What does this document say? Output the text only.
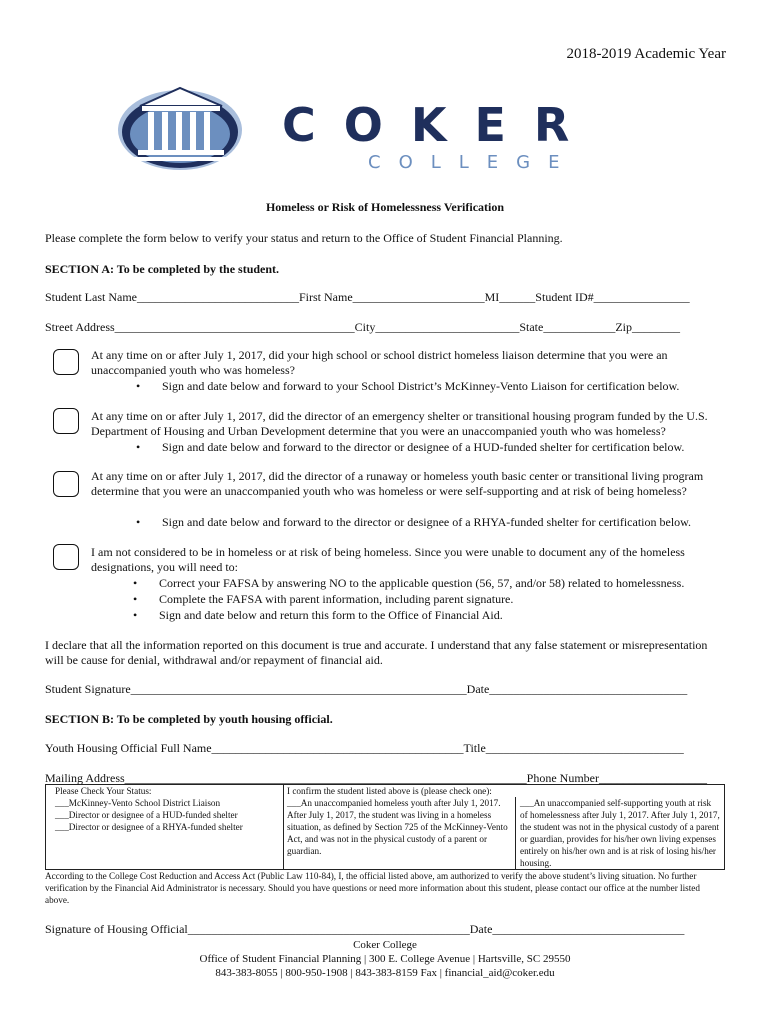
2018-2019 Academic Year
COKER
COLLEGE
Homeless or Risk of Homelessness Verification
Please complete the form below to verify your status and return to the Office of Student Financial Planning.
SECTION A: To be completed by the student.
Student Last Name___________________________First Name______________________MI______Student ID#________________
Street Address________________________________________City________________________State____________Zip________
At any time on or after July 1, 2017, did your high school or school district homeless liaison determine that you were an unaccompanied youth who was homeless?
• Sign and date below and forward to your School District’s McKinney-Vento Liaison for certification below.
At any time on or after July 1, 2017, did the director of an emergency shelter or transitional housing program funded by the U.S. Department of Housing and Urban Development determine that you were an unaccompanied youth who was homeless?
• Sign and date below and forward to the director or designee of a HUD-funded shelter for certification below.
At any time on or after July 1, 2017, did the director of a runaway or homeless youth basic center or transitional living program determine that you were an unaccompanied youth who was homeless or were self-supporting and at risk of being homeless?
• Sign and date below and forward to the director or designee of a RHYA-funded shelter for certification below.
I am not considered to be in homeless or at risk of being homeless. Since you were unable to document any of the homeless designations, you will need to:
• Correct your FAFSA by answering NO to the applicable question (56, 57, and/or 58) related to homelessness.
• Complete the FAFSA with parent information, including parent signature.
• Sign and date below and return this form to the Office of Financial Aid.
I declare that all the information reported on this document is true and accurate. I understand that any false statement or misrepresentation will be cause for denial, withdrawal and/or repayment of financial aid.
Student Signature________________________________________________________Date_________________________________
SECTION B: To be completed by youth housing official.
Youth Housing Official Full Name__________________________________________Title_________________________________
Mailing Address___________________________________________________________________Phone Number__________________
Please Check Your Status:
___McKinney-Vento School District Liaison
___Director or designee of a HUD-funded shelter
___Director or designee of a RHYA-funded shelter
I confirm the student listed above is (please check one):
___An unaccompanied homeless youth after July 1, 2017. After July 1, 2017, the student was living in a homeless situation, as defined by Section 725 of the McKinney-Vento Act, and was not in the physical custody of a parent or guardian.
___An unaccompanied self-supporting youth at risk of homelessness after July 1, 2017. After July 1, 2017, the student was not in the physical custody of a parent or guardian, provides for his/her own living expenses entirely on his/her own and is at risk of losing his/her housing.
According to the College Cost Reduction and Access Act (Public Law 110-84), I, the official listed above, am authorized to verify the above student’s living situation. No further verification by the Financial Aid Administrator is necessary. Should you have questions or need more information about this student, please contact our office at the number listed above.
Signature of Housing Official_______________________________________________Date________________________________
Coker College
Office of Student Financial Planning | 300 E. College Avenue | Hartsville, SC 29550
843-383-8055 | 800-950-1908 | 843-383-8159 Fax | financial_aid@coker.edu
